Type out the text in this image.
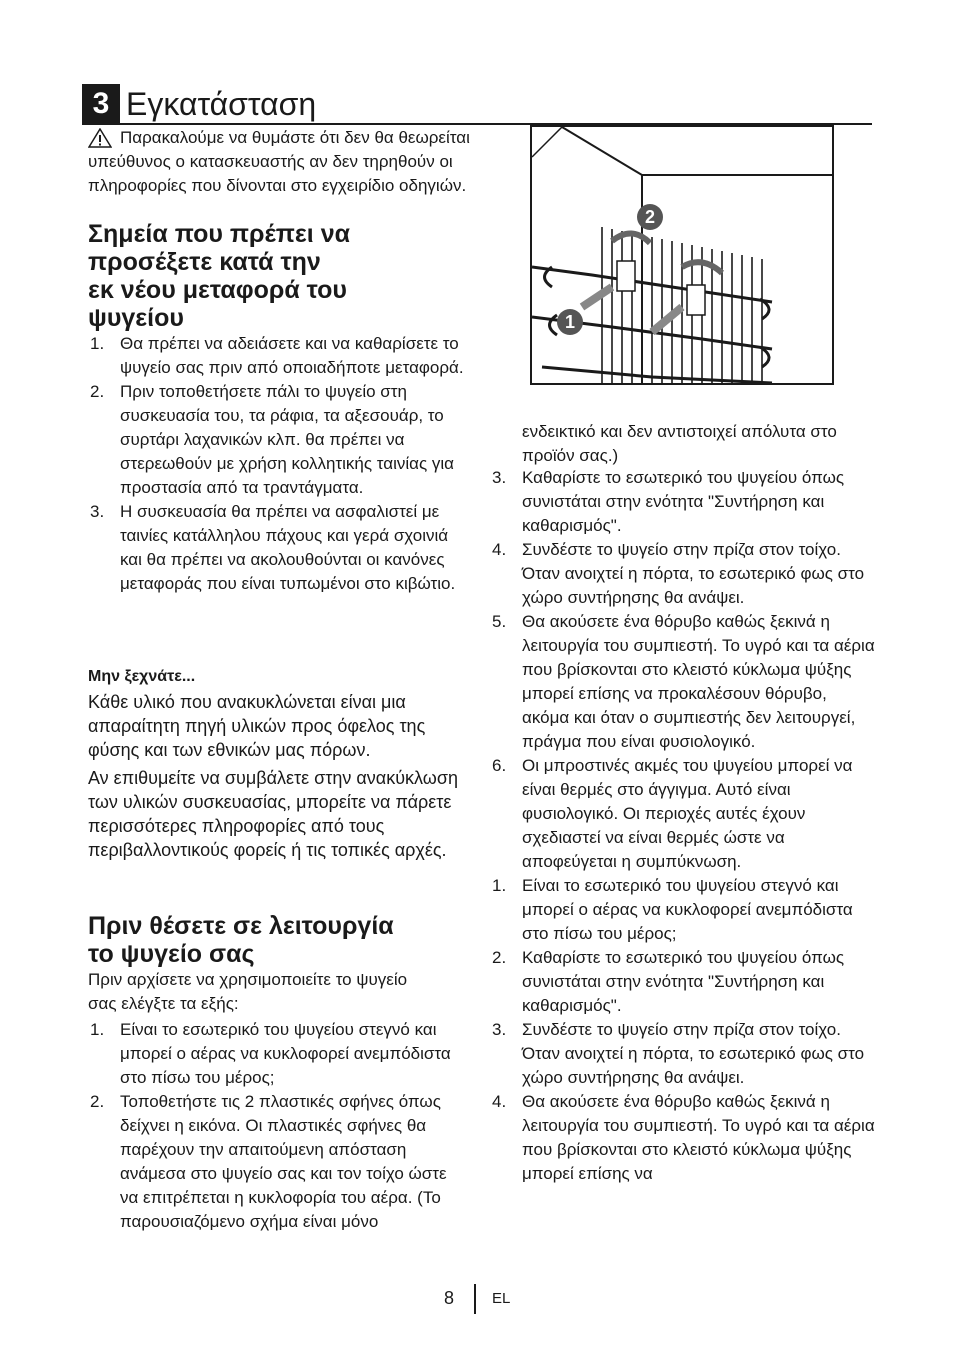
3 Εγκατάσταση
Παρακαλούμε να θυμάστε ότι δεν θα θεωρείται υπεύθυνος ο κατασκευαστής αν δεν τηρηθούν οι πληροφορίες που δίνονται στο εγχειρίδιο οδηγιών.
Σημεία που πρέπει να
προσέξετε κατά την
εκ νέου μεταφορά του
ψυγείου
1. Θα πρέπει να αδειάσετε και να καθαρίσετε το ψυγείο σας πριν από οποιαδήποτε μεταφορά.
2. Πριν τοποθετήσετε πάλι το ψυγείο στη συσκευασία του, τα ράφια, τα αξεσουάρ, το συρτάρι λαχανικών κλπ. θα πρέπει να στερεωθούν με χρήση κολλητικής ταινίας για προστασία από τα τραντάγματα.
3. Η συσκευασία θα πρέπει να ασφαλιστεί με ταινίες κατάλληλου πάχους και γερά σχοινιά και θα πρέπει να ακολουθούνται οι κανόνες μεταφοράς που είναι τυπωμένοι στο κιβώτιο.
Μην ξεχνάτε...
Κάθε υλικό που ανακυκλώνεται είναι μια απαραίτητη πηγή υλικών προς όφελος της φύσης και των εθνικών μας πόρων.
Αν επιθυμείτε να συμβάλετε στην ανακύκλωση των υλικών συσκευασίας, μπορείτε να πάρετε περισσότερες πληροφορίες από τους περιβαλλοντικούς φορείς ή τις τοπικές αρχές.
Πριν θέσετε σε λειτουργία
το ψυγείο σας
Πριν αρχίσετε να χρησιμοποιείτε το ψυγείο σας ελέγξτε τα εξής:
1. Είναι το εσωτερικό του ψυγείου στεγνό και μπορεί ο αέρας να κυκλοφορεί ανεμπόδιστα στο πίσω του μέρος;
2. Τοποθετήστε τις 2 πλαστικές σφήνες όπως δείχνει η εικόνα. Οι πλαστικές σφήνες θα παρέχουν την απαιτούμενη απόσταση ανάμεσα στο ψυγείο σας και τον τοίχο ώστε να επιτρέπεται η κυκλοφορία του αέρα. (Το παρουσιαζόμενο σχήμα είναι μόνο
2
1
ενδεικτικό και δεν αντιστοιχεί απόλυτα στο προϊόν σας.)
3. Καθαρίστε το εσωτερικό του ψυγείου όπως συνιστάται στην ενότητα "Συντήρηση και καθαρισμός".
4. Συνδέστε το ψυγείο στην πρίζα στον τοίχο. Όταν ανοιχτεί η πόρτα, το εσωτερικό φως στο χώρο συντήρησης θα ανάψει.
5. Θα ακούσετε ένα θόρυβο καθώς ξεκινά η λειτουργία του συμπιεστή. Το υγρό και τα αέρια που βρίσκονται στο κλειστό κύκλωμα ψύξης μπορεί επίσης να προκαλέσουν θόρυβο, ακόμα και όταν ο συμπιεστής δεν λειτουργεί, πράγμα που είναι φυσιολογικό.
6. Οι μπροστινές ακμές του ψυγείου μπορεί να είναι θερμές στο άγγιγμα. Αυτό είναι φυσιολογικό. Οι περιοχές αυτές έχουν σχεδιαστεί να είναι θερμές ώστε να αποφεύγεται η συμπύκνωση.
1. Είναι το εσωτερικό του ψυγείου στεγνό και μπορεί ο αέρας να κυκλοφορεί ανεμπόδιστα στο πίσω του μέρος;
2. Καθαρίστε το εσωτερικό του ψυγείου όπως συνιστάται στην ενότητα "Συντήρηση και καθαρισμός".
3. Συνδέστε το ψυγείο στην πρίζα στον τοίχο. Όταν ανοιχτεί η πόρτα, το εσωτερικό φως στο χώρο συντήρησης θα ανάψει.
4. Θα ακούσετε ένα θόρυβο καθώς ξεκινά η λειτουργία του συμπιεστή. Το υγρό και τα αέρια που βρίσκονται στο κλειστό κύκλωμα ψύξης μπορεί επίσης να
8	EL
